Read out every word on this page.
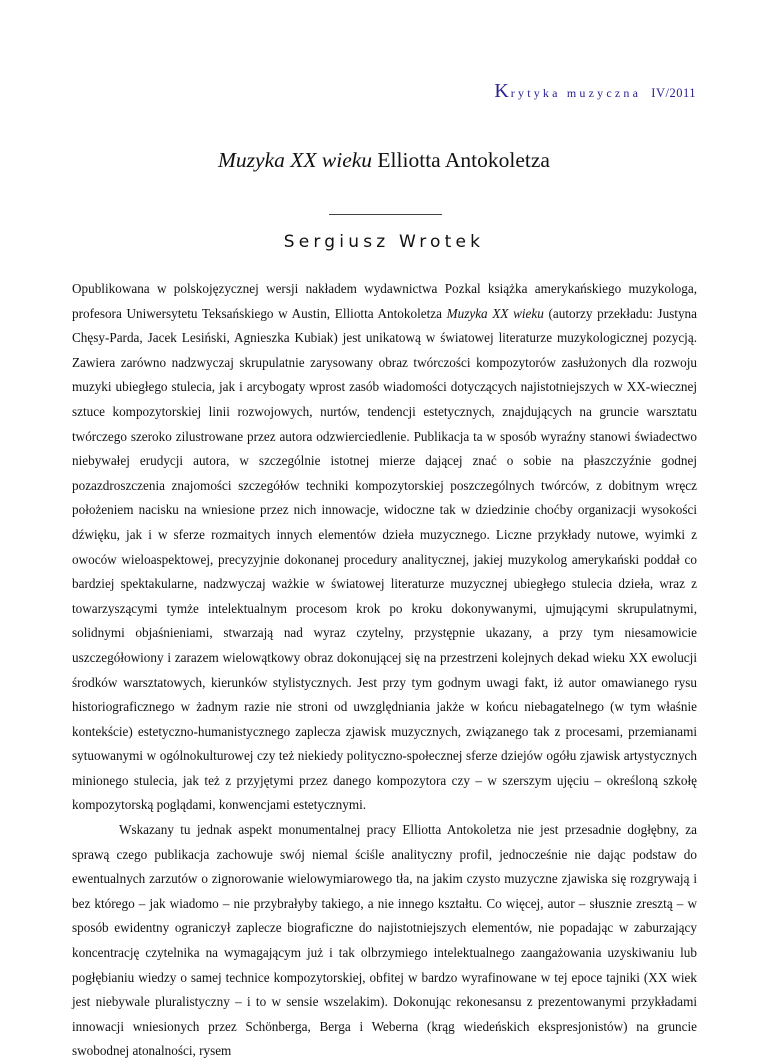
Krytyka muzyczna IV/2011
Muzyka XX wieku Elliotta Antokoletza
Sergiusz Wrotek

Opublikowana w polskojęzycznej wersji nakładem wydawnictwa Pozkal książka amerykańskiego muzykologa, profesora Uniwersytetu Teksańskiego w Austin, Elliotta Antokoletza Muzyka XX wieku (autorzy przekładu: Justyna Chęsy-Parda, Jacek Lesiński, Agnieszka Kubiak) jest unikatową w światowej literaturze muzykologicznej pozycją. Zawiera zarówno nadzwyczaj skrupulatnie zarysowany obraz twórczości kompozytorów zasłużonych dla rozwoju muzyki ubiegłego stulecia, jak i arcybogaty wprost zasób wiadomości dotyczących najistotniejszych w XX-wiecznej sztuce kompozytorskiej linii rozwojowych, nurtów, tendencji estetycznych, znajdujących na gruncie warsztatu twórczego szeroko zilustrowane przez autora odzwierciedlenie. Publikacja ta w sposób wyraźny stanowi świadectwo niebywałej erudycji autora, w szczególnie istotnej mierze dającej znać o sobie na płaszczyźnie godnej pozazdroszczenia znajomości szczegółów techniki kompozytorskiej poszczególnych twórców, z dobitnym wręcz położeniem nacisku na wniesione przez nich innowacje, widoczne tak w dziedzinie choćby organizacji wysokości dźwięku, jak i w sferze rozmaitych innych elementów dzieła muzycznego. Liczne przykłady nutowe, wyimki z owoców wieloaspektowej, precyzyjnie dokonanej procedury analitycznej, jakiej muzykolog amerykański poddał co bardziej spektakularne, nadzwyczaj ważkie w światowej literaturze muzycznej ubiegłego stulecia dzieła, wraz z towarzyszącymi tymże intelektualnym procesom krok po kroku dokonywanymi, ujmującymi skrupulatnymi, solidnymi objaśnieniami, stwarzają nad wyraz czytelny, przystępnie ukazany, a przy tym niesamowicie uszczegółowiony i zarazem wielowątkowy obraz dokonującej się na przestrzeni kolejnych dekad wieku XX ewolucji środków warsztatowych, kierunków stylistycznych. Jest przy tym godnym uwagi fakt, iż autor omawianego rysu historiograficznego w żadnym razie nie stroni od uwzględniania jakże w końcu niebagatelnego (w tym właśnie kontekście) estetyczno-humanistycznego zaplecza zjawisk muzycznych, związanego tak z procesami, przemianami sytuowanymi w ogólnokulturowej czy też niekiedy polityczno-społecznej sferze dziejów ogółu zjawisk artystycznych minionego stulecia, jak też z przyjętymi przez danego kompozytora czy – w szerszym ujęciu – określoną szkołę kompozytorską poglądami, konwencjami estetycznymi.

Wskazany tu jednak aspekt monumentalnej pracy Elliotta Antokoletza nie jest przesadnie dogłębny, za sprawą czego publikacja zachowuje swój niemal ściśle analityczny profil, jednocześnie nie dając podstaw do ewentualnych zarzutów o zignorowanie wielowymiarowego tła, na jakim czysto muzyczne zjawiska się rozgrywają i bez którego – jak wiadomo – nie przybrałyby takiego, a nie innego kształtu. Co więcej, autor – słusznie zresztą – w sposób ewidentny ograniczył zaplecze biograficzne do najistotniejszych elementów, nie popadając w zaburzający koncentrację czytelnika na wymagającym już i tak olbrzymiego intelektualnego zaangażowania uzyskiwaniu lub pogłębianiu wiedzy o samej technice kompozytorskiej, obfitej w bardzo wyrafinowane w tej epoce tajniki (XX wiek jest niebywale pluralistyczny – i to w sensie wszelakim). Dokonując rekonesansu z prezentowanymi przykładami innowacji wniesionych przez Schönberga, Berga i Weberna (krąg wiedeńskich ekspresjonistów) na gruncie swobodnej atonalności, rysem
